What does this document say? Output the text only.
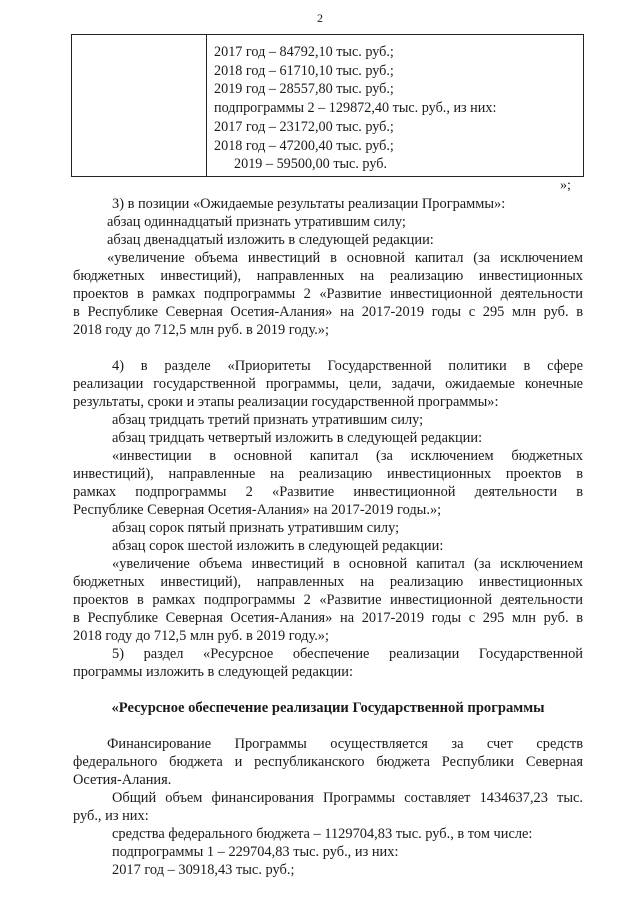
2
2017 год – 84792,10 тыс. руб.;
2018 год – 61710,10 тыс. руб.;
2019 год – 28557,80 тыс. руб.;
подпрограммы 2 – 129872,40 тыс. руб., из них:
2017 год – 23172,00 тыс. руб.;
2018 год – 47200,40 тыс. руб.;
2019 – 59500,00 тыс. руб.
»;
3) в позиции «Ожидаемые результаты реализации Программы»:
абзац одиннадцатый признать утратившим силу;
абзац двенадцатый изложить в следующей редакции:
«увеличение объема инвестиций в основной капитал (за исключением
бюджетных инвестиций), направленных на реализацию инвестиционных
проектов в рамках подпрограммы 2 «Развитие инвестиционной деятельности
в Республике Северная Осетия-Алания» на 2017-2019 годы с 295 млн руб. в
2018 году до 712,5 млн руб. в 2019 году.»;
4) в разделе «Приоритеты Государственной политики в сфере
реализации государственной программы, цели, задачи, ожидаемые конечные
результаты, сроки и этапы реализации государственной программы»:
абзац тридцать третий признать утратившим силу;
абзац тридцать четвертый изложить в следующей редакции:
«инвестиции в основной капитал (за исключением бюджетных
инвестиций), направленные на реализацию инвестиционных проектов в
рамках подпрограммы 2 «Развитие инвестиционной деятельности в
Республике Северная Осетия-Алания» на 2017-2019 годы.»;
абзац сорок пятый признать утратившим силу;
абзац сорок шестой изложить в следующей редакции:
«увеличение объема инвестиций в основной капитал (за исключением
бюджетных инвестиций), направленных на реализацию инвестиционных
проектов в рамках подпрограммы 2 «Развитие инвестиционной деятельности
в Республике Северная Осетия-Алания» на 2017-2019 годы с 295 млн руб. в
2018 году до 712,5 млн руб. в 2019 году.»;
5) раздел «Ресурсное обеспечение реализации Государственной
программы изложить в следующей редакции:
«Ресурсное обеспечение реализации Государственной программы
Финансирование Программы осуществляется за счет средств
федерального бюджета и республиканского бюджета Республики Северная
Осетия-Алания.
Общий объем финансирования Программы составляет 1434637,23 тыс.
руб., из них:
средства федерального бюджета – 1129704,83 тыс. руб., в том числе:
подпрограммы 1 – 229704,83 тыс. руб., из них:
2017 год – 30918,43 тыс. руб.;
